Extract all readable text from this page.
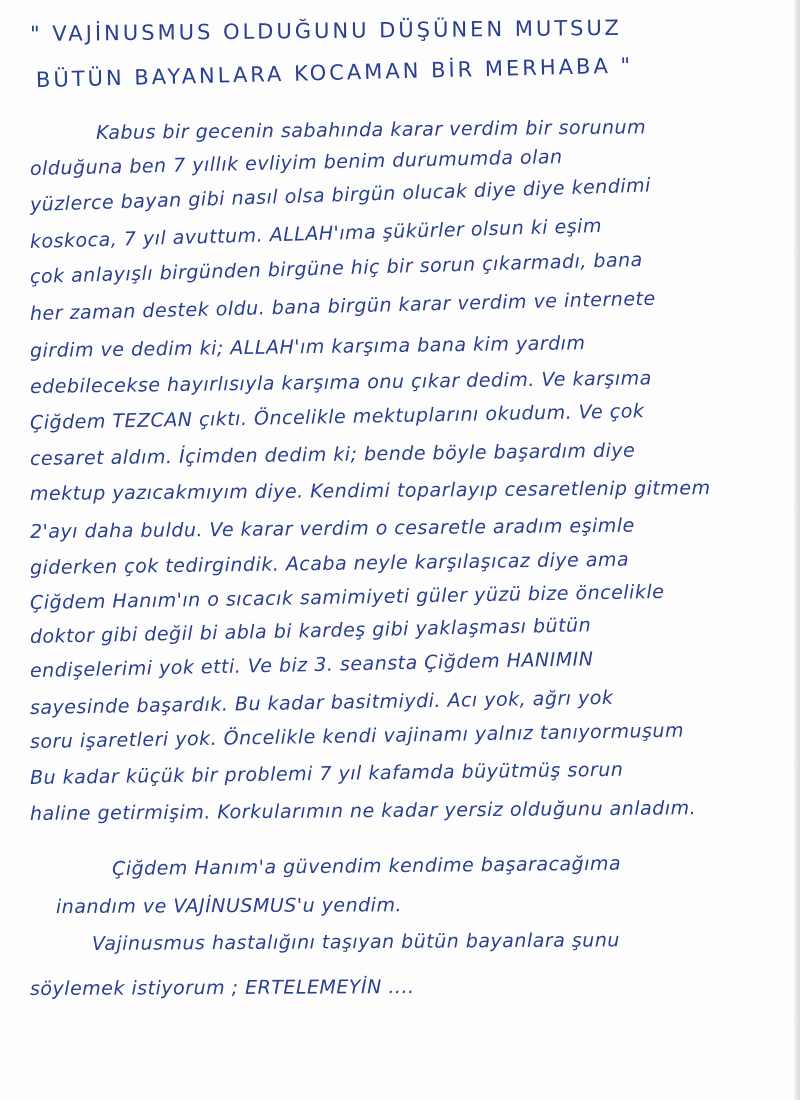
" VAJİNUSMUS OLDUĞUNU DÜŞÜNEN MUTSUZ

BÜTÜN BAYANLARA KOCAMAN BİR MERHABA "

Kabus bir gecenin sabahında karar verdim bir sorunum

olduğuna ben 7 yıllık evliyim benim durumumda olan

yüzlerce bayan gibi nasıl olsa birgün olucak diye diye kendimi

koskoca, 7 yıl avuttum. ALLAH'ıma şükürler olsun ki eşim

çok anlayışlı birgünden birgüne hiç bir sorun çıkarmadı, bana

her zaman destek oldu. bana birgün karar verdim ve internete

girdim ve dedim ki; ALLAH'ım karşıma bana kim yardım

edebilecekse hayırlısıyla karşıma onu çıkar dedim. Ve karşıma

Çiğdem TEZCAN çıktı. Öncelikle mektuplarını okudum. Ve çok

cesaret aldım. İçimden dedim ki; bende böyle başardım diye

mektup yazıcakmıyım diye. Kendimi toparlayıp cesaretlenip gitmem

2'ayı daha buldu. Ve karar verdim o cesaretle aradım eşimle

giderken çok tedirgindik. Acaba neyle karşılaşıcaz diye ama

Çiğdem Hanım'ın o sıcacık samimiyeti güler yüzü bize öncelikle

doktor gibi değil bi abla bi kardeş gibi yaklaşması bütün

endişelerimi yok etti. Ve biz 3. seansta Çiğdem HANIMIN

sayesinde başardık. Bu kadar basitmiydi. Acı yok, ağrı yok

soru işaretleri yok. Öncelikle kendi vajinamı yalnız tanıyormuşum

Bu kadar küçük bir problemi 7 yıl kafamda büyütmüş sorun

haline getirmişim. Korkularımın ne kadar yersiz olduğunu anladım.

Çiğdem Hanım'a güvendim kendime başaracağıma

inandım ve VAJİNUSMUS'u yendim.

Vajinusmus hastalığını taşıyan bütün bayanlara şunu

söylemek istiyorum ; ERTELEMEYİN ....
